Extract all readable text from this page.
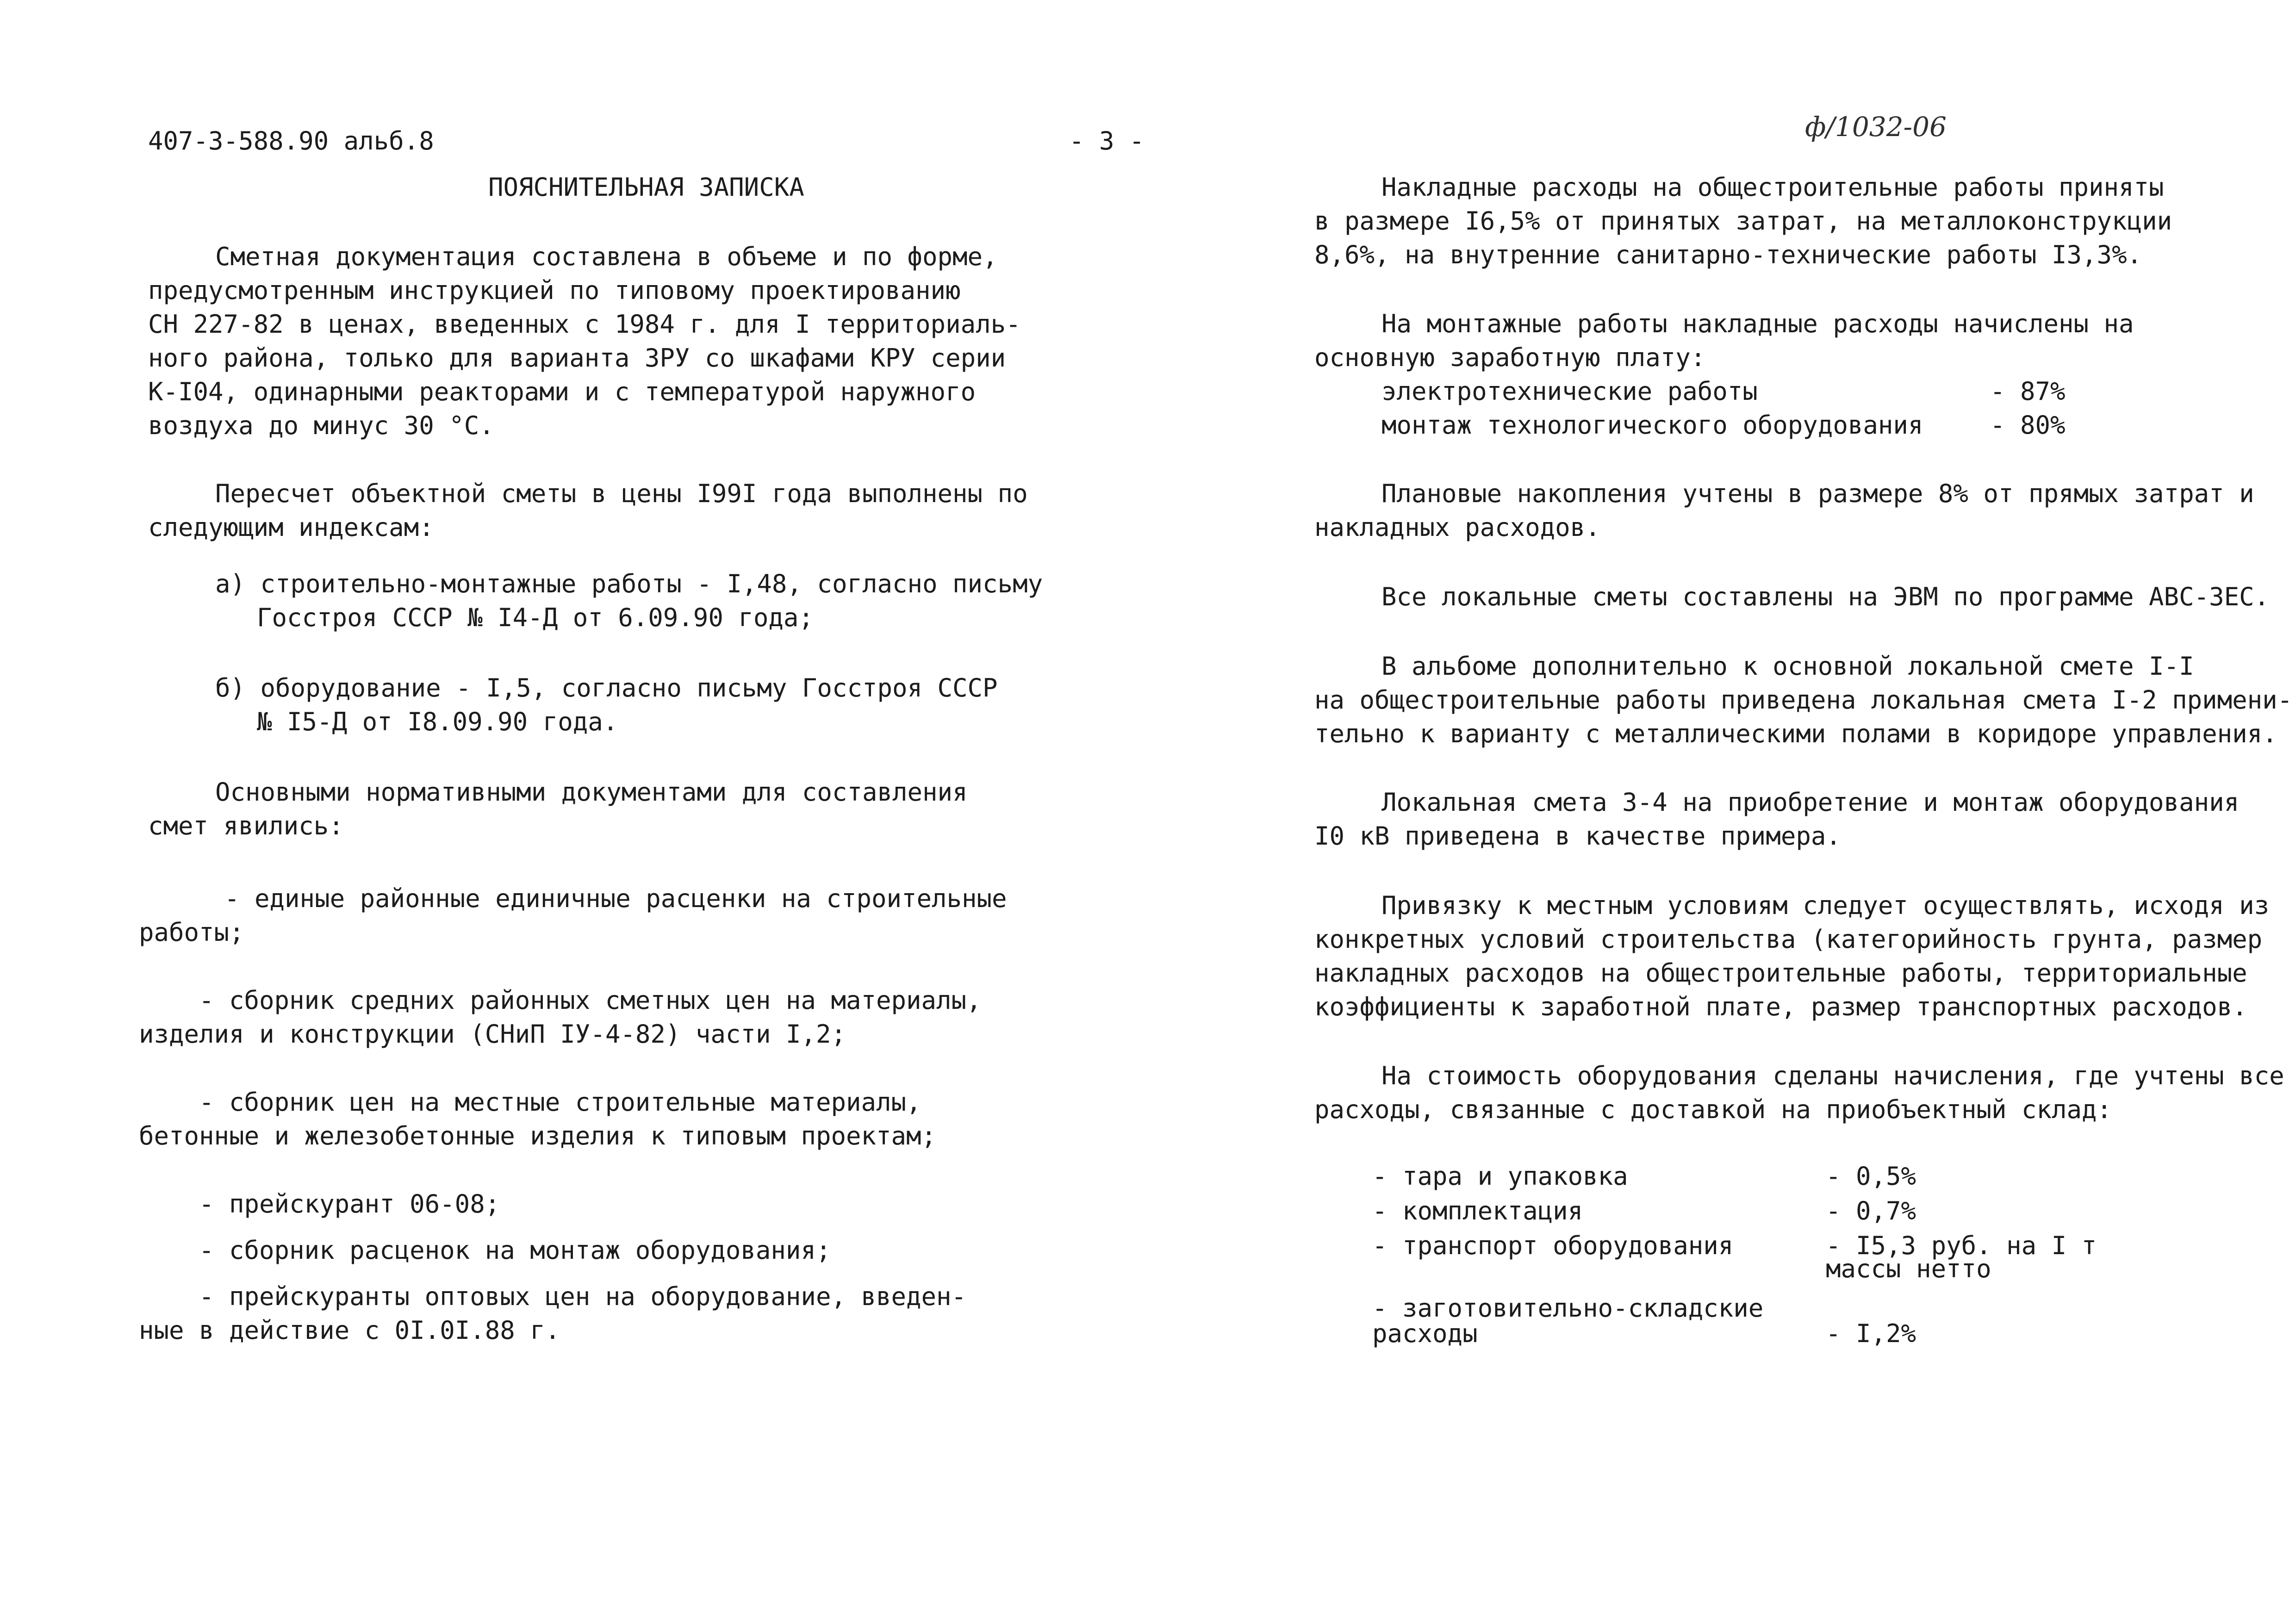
407-3-588.90 альб.8	- 3 -	ф/1032-06
ПОЯСНИТЕЛЬНАЯ ЗАПИСКА
Сметная документация составлена в объеме и по форме,
предусмотренным инструкцией по типовому проектированию
СН 227-82 в ценах, введенных с 1984 г. для I территориаль-
ного района, только для варианта ЗРУ со шкафами КРУ серии
К-I04, одинарными реакторами и с температурой наружного
воздуха до минус 30 °С.
Пересчет объектной сметы в цены I99I года выполнены по
следующим индексам:
а) строительно-монтажные работы - I,48, согласно письму
Госстроя СССР № I4-Д от 6.09.90 года;
б) оборудование - I,5, согласно письму Госстроя СССР
№ I5-Д от I8.09.90 года.
Основными нормативными документами для составления
смет явились:
- единые районные единичные расценки на строительные
работы;
- сборник средних районных сметных цен на материалы,
изделия и конструкции (СНиП IУ-4-82) части I,2;
- сборник цен на местные строительные материалы,
бетонные и железобетонные изделия к типовым проектам;
- прейскурант 06-08;
- сборник расценок на монтаж оборудования;
- прейскуранты оптовых цен на оборудование, введен-
ные в действие с 0I.0I.88 г.
Накладные расходы на общестроительные работы приняты
в размере I6,5% от принятых затрат, на металлоконструкции
8,6%, на внутренние санитарно-технические работы I3,3%.
На монтажные работы накладные расходы начислены на
основную заработную плату:
электротехнические работы	- 87%
монтаж технологического оборудования	- 80%
Плановые накопления учтены в размере 8% от прямых затрат и
накладных расходов.
Все локальные сметы составлены на ЭВМ по программе АВС-ЗЕС.
В альбоме дополнительно к основной локальной смете I-I
на общестроительные работы приведена локальная смета I-2 примени-
тельно к варианту с металлическими полами в коридоре управления.
Локальная смета 3-4 на приобретение и монтаж оборудования
I0 кВ приведена в качестве примера.
Привязку к местным условиям следует осуществлять, исходя из
конкретных условий строительства (категорийность грунта, размер
накладных расходов на общестроительные работы, территориальные
коэффициенты к заработной плате, размер транспортных расходов.
На стоимость оборудования сделаны начисления, где учтены все
расходы, связанные с доставкой на приобъектный склад:
- тара и упаковка	- 0,5%
- комплектация	- 0,7%
- транспорт оборудования	- I5,3 руб. на I т
массы нетто
- заготовительно-складские
расходы	- I,2%
